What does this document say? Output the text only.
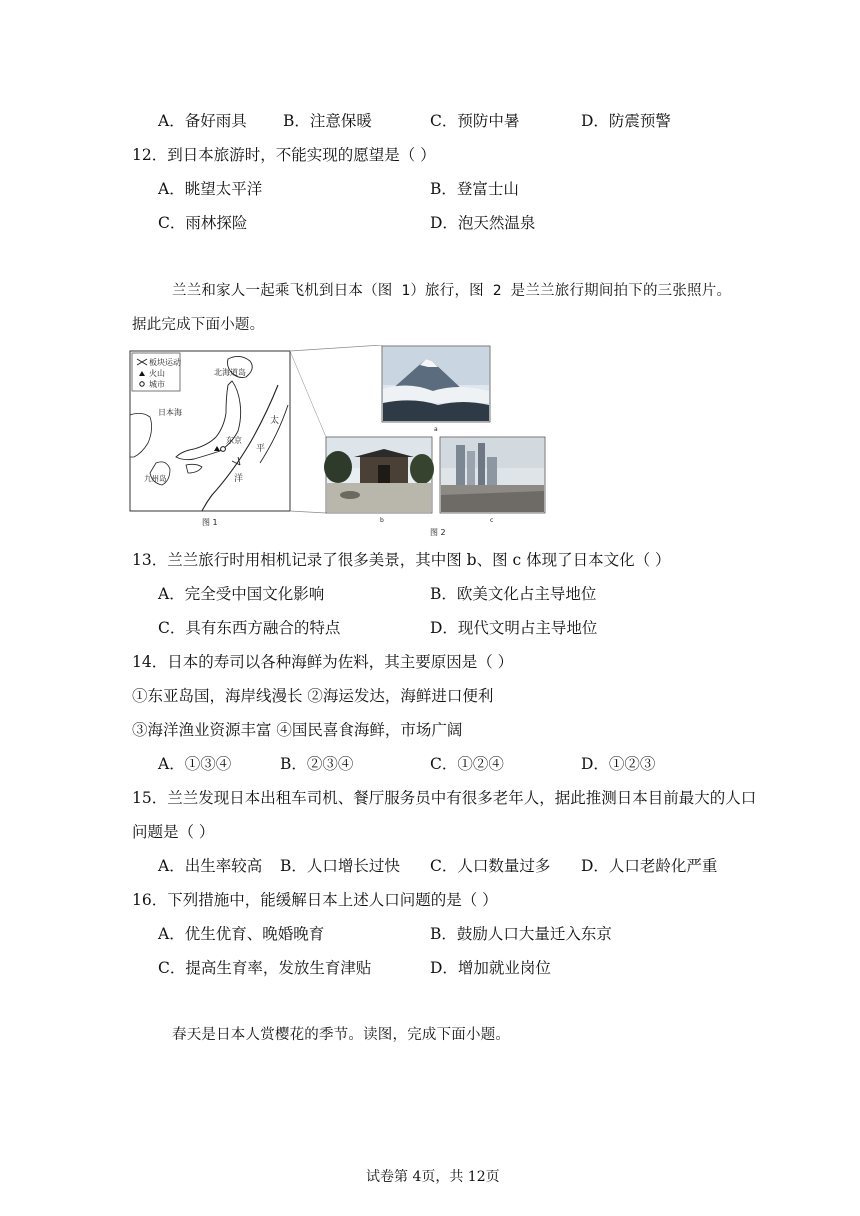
A．备好雨具 B．注意保暖	C．预防中暑	D．防震预警
12．到日本旅游时，不能实现的愿望是（ ）
A．眺望太平洋	B．登富士山
C．雨林探险	D．泡天然温泉
兰兰和家人一起乘飞机到日本（图 1）旅行，图 2 是兰兰旅行期间拍下的三张照片。
据此完成下面小题。
板块运动
火山
城市
北海道岛
九州岛
日本海
东京
太
平
洋
图 1
a
b	c
图 2
13．兰兰旅行时用相机记录了很多美景，其中图 b、图 c 体现了日本文化（ ）
A．完全受中国文化影响	B．欧美文化占主导地位
C．具有东西方融合的特点	D．现代文明占主导地位
14．日本的寿司以各种海鲜为佐料，其主要原因是（ ）
①东亚岛国，海岸线漫长 ②海运发达，海鲜进口便利
③海洋渔业资源丰富 ④国民喜食海鲜，市场广阔
A．①③④	B．②③④	C．①②④	D．①②③
15．兰兰发现日本出租车司机、餐厅服务员中有很多老年人，据此推测日本目前最大的人口
问题是（ ）
A．出生率较高 B．人口增长过快 C．人口数量过多 D．人口老龄化严重
16．下列措施中，能缓解日本上述人口问题的是（ ）
A．优生优育、晚婚晚育	B．鼓励人口大量迁入东京
C．提高生育率，发放生育津贴	D．增加就业岗位
春天是日本人赏樱花的季节。读图，完成下面小题。
试卷第 4页，共 12页
